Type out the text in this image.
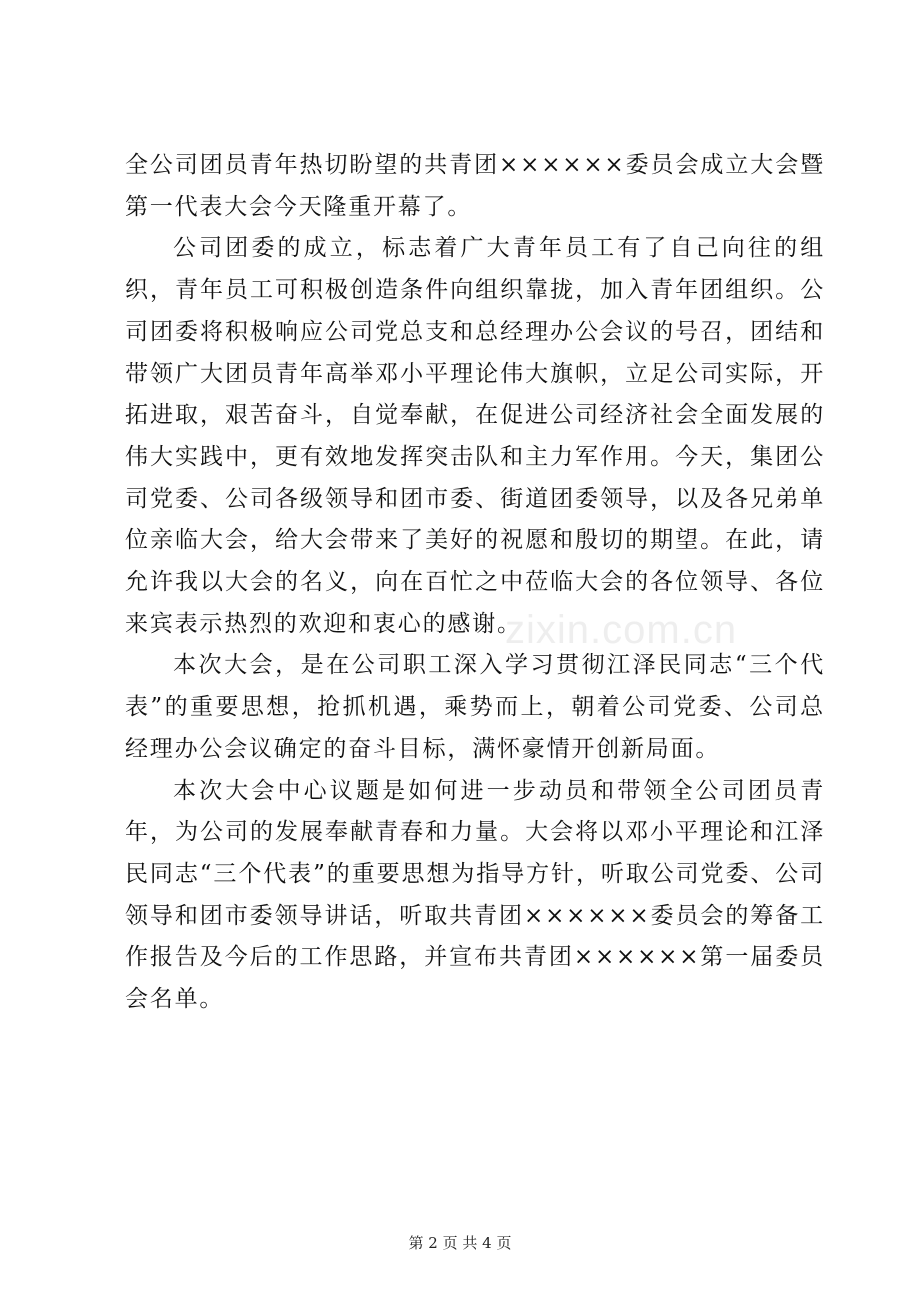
全公司团员青年热切盼望的共青团××××××委员会成立大会暨第一代表大会今天隆重开幕了。

公司团委的成立，标志着广大青年员工有了自己向往的组织，青年员工可积极创造条件向组织靠拢，加入青年团组织。公司团委将积极响应公司党总支和总经理办公会议的号召，团结和带领广大团员青年高举邓小平理论伟大旗帜，立足公司实际，开拓进取，艰苦奋斗，自觉奉献，在促进公司经济社会全面发展的伟大实践中，更有效地发挥突击队和主力军作用。今天，集团公司党委、公司各级领导和团市委、街道团委领导，以及各兄弟单位亲临大会，给大会带来了美好的祝愿和殷切的期望。在此，请允许我以大会的名义，向在百忙之中莅临大会的各位领导、各位来宾表示热烈的欢迎和衷心的感谢。

本次大会，是在公司职工深入学习贯彻江泽民同志“三个代表”的重要思想，抢抓机遇，乘势而上，朝着公司党委、公司总经理办公会议确定的奋斗目标，满怀豪情开创新局面。

本次大会中心议题是如何进一步动员和带领全公司团员青年，为公司的发展奉献青春和力量。大会将以邓小平理论和江泽民同志“三个代表”的重要思想为指导方针，听取公司党委、公司领导和团市委领导讲话，听取共青团××××××委员会的筹备工作报告及今后的工作思路，并宣布共青团××××××第一届委员会名单。

zixin.com.cn
第 2 页 共 4 页
